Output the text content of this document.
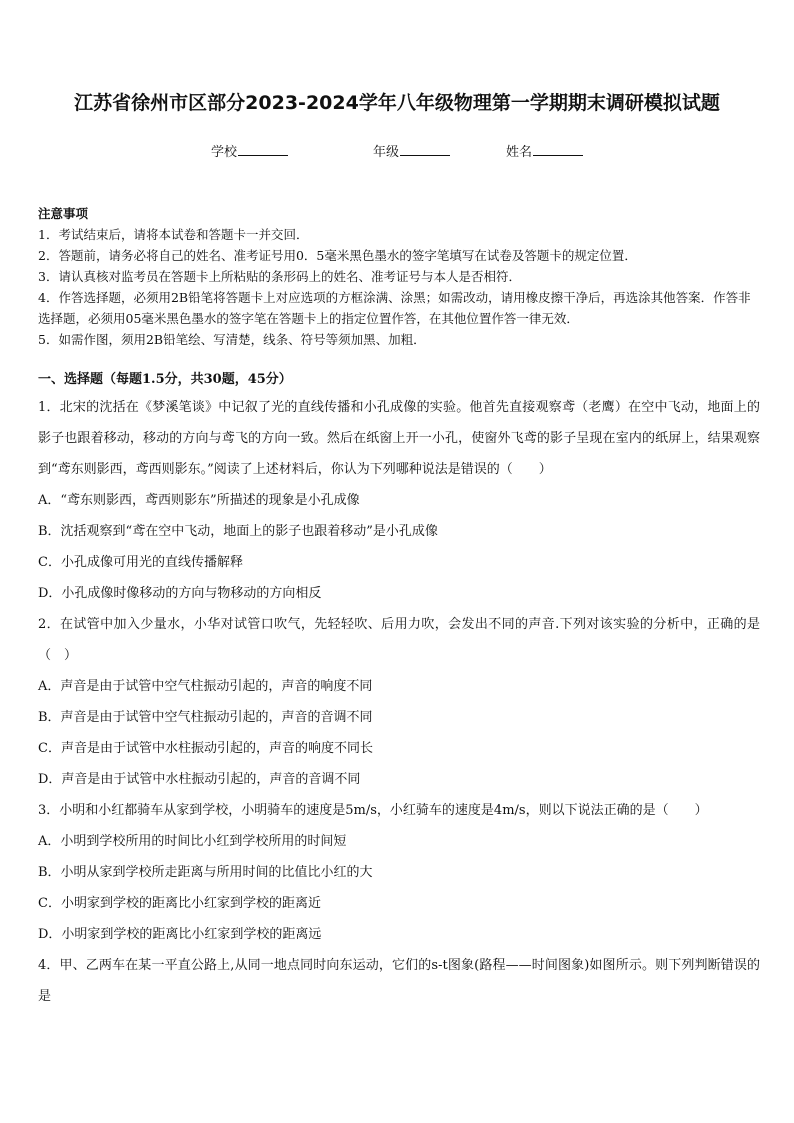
江苏省徐州市区部分2023-2024学年八年级物理第一学期期末调研模拟试题
学校	年级	姓名

注意事项

1．考试结束后，请将本试卷和答题卡一并交回．

2．答题前，请务必将自己的姓名、准考证号用0．5毫米黑色墨水的签字笔填写在试卷及答题卡的规定位置．

3．请认真核对监考员在答题卡上所粘贴的条形码上的姓名、准考证号与本人是否相符．

4．作答选择题，必须用2B铅笔将答题卡上对应选项的方框涂满、涂黑；如需改动，请用橡皮擦干净后，再选涂其他答案．作答非选择题，必须用05毫米黑色墨水的签字笔在答题卡上的指定位置作答，在其他位置作答一律无效．

5．如需作图，须用2B铅笔绘、写清楚，线条、符号等须加黑、加粗．

一、选择题（每题1.5分，共30题，45分）

1．北宋的沈括在《梦溪笔谈》中记叙了光的直线传播和小孔成像的实验。他首先直接观察鸢（老鹰）在空中飞动，地面上的影子也跟着移动，移动的方向与鸢飞的方向一致。然后在纸窗上开一小孔，使窗外飞鸢的影子呈现在室内的纸屏上，结果观察到“鸢东则影西，鸢西则影东。”阅读了上述材料后，你认为下列哪种说法是错误的（　　）

A．“鸢东则影西，鸢西则影东”所描述的现象是小孔成像

B．沈括观察到“鸢在空中飞动，地面上的影子也跟着移动”是小孔成像

C．小孔成像可用光的直线传播解释

D．小孔成像时像移动的方向与物移动的方向相反

2．在试管中加入少量水，小华对试管口吹气，先轻轻吹、后用力吹，会发出不同的声音.下列对该实验的分析中，正确的是（　）

A．声音是由于试管中空气柱振动引起的，声音的响度不同

B．声音是由于试管中空气柱振动引起的，声音的音调不同

C．声音是由于试管中水柱振动引起的，声音的响度不同长

D．声音是由于试管中水柱振动引起的，声音的音调不同

3．小明和小红都骑车从家到学校，小明骑车的速度是5m/s，小红骑车的速度是4m/s，则以下说法正确的是（　　）

A．小明到学校所用的时间比小红到学校所用的时间短

B．小明从家到学校所走距离与所用时间的比值比小红的大

C．小明家到学校的距离比小红家到学校的距离近

D．小明家到学校的距离比小红家到学校的距离远

4．甲、乙两车在某一平直公路上,从同一地点同时向东运动，它们的s-t图象(路程——时间图象)如图所示。则下列判断错误的是
